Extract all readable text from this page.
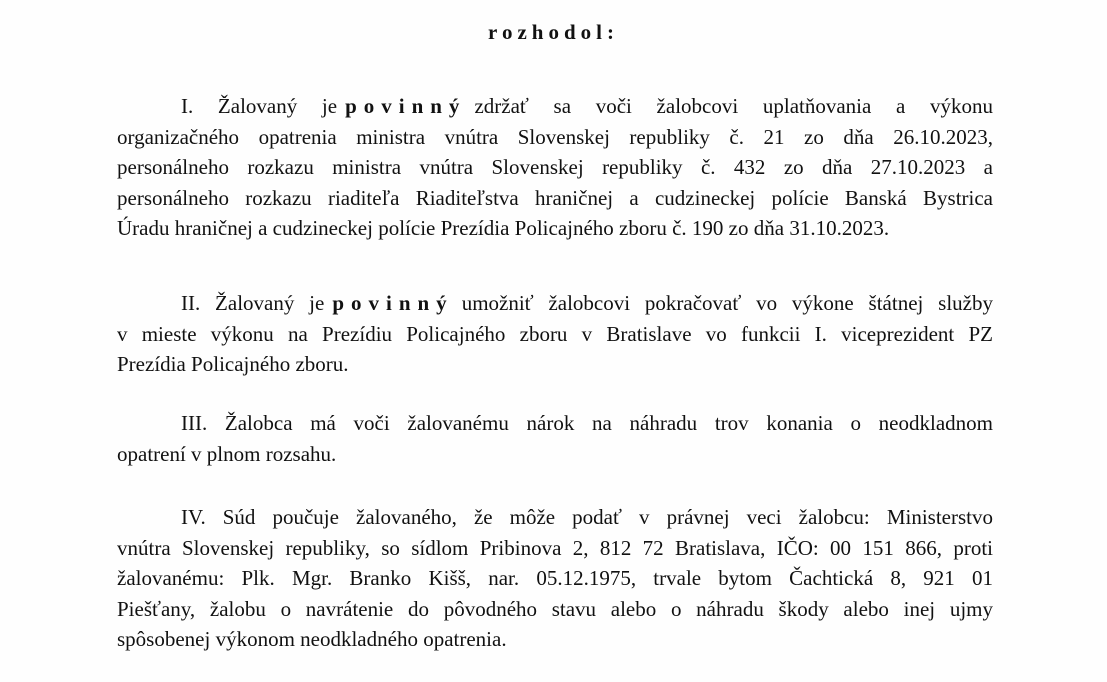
rozhodol:
I. Žalovaný je povinný zdržať sa voči žalobcovi uplatňovania a výkonu
organizačného opatrenia ministra vnútra Slovenskej republiky č. 21 zo dňa 26.10.2023,
personálneho rozkazu ministra vnútra Slovenskej republiky č. 432 zo dňa 27.10.2023 a
personálneho rozkazu riaditeľa Riaditeľstva hraničnej a cudzineckej polície Banská Bystrica
Úradu hraničnej a cudzineckej polície Prezídia Policajného zboru č. 190 zo dňa 31.10.2023.
II. Žalovaný je povinný umožniť žalobcovi pokračovať vo výkone štátnej služby
v mieste výkonu na Prezídiu Policajného zboru v Bratislave vo funkcii I. viceprezident PZ
Prezídia Policajného zboru.
III. Žalobca má voči žalovanému nárok na náhradu trov konania o neodkladnom
opatrení v plnom rozsahu.
IV. Súd poučuje žalovaného, že môže podať v právnej veci žalobcu: Ministerstvo
vnútra Slovenskej republiky, so sídlom Pribinova 2, 812 72 Bratislava, IČO: 00 151 866, proti
žalovanému: Plk. Mgr. Branko Kišš, nar. 05.12.1975, trvale bytom Čachtická 8, 921 01
Piešťany, žalobu o navrátenie do pôvodného stavu alebo o náhradu škody alebo inej ujmy
spôsobenej výkonom neodkladného opatrenia.
